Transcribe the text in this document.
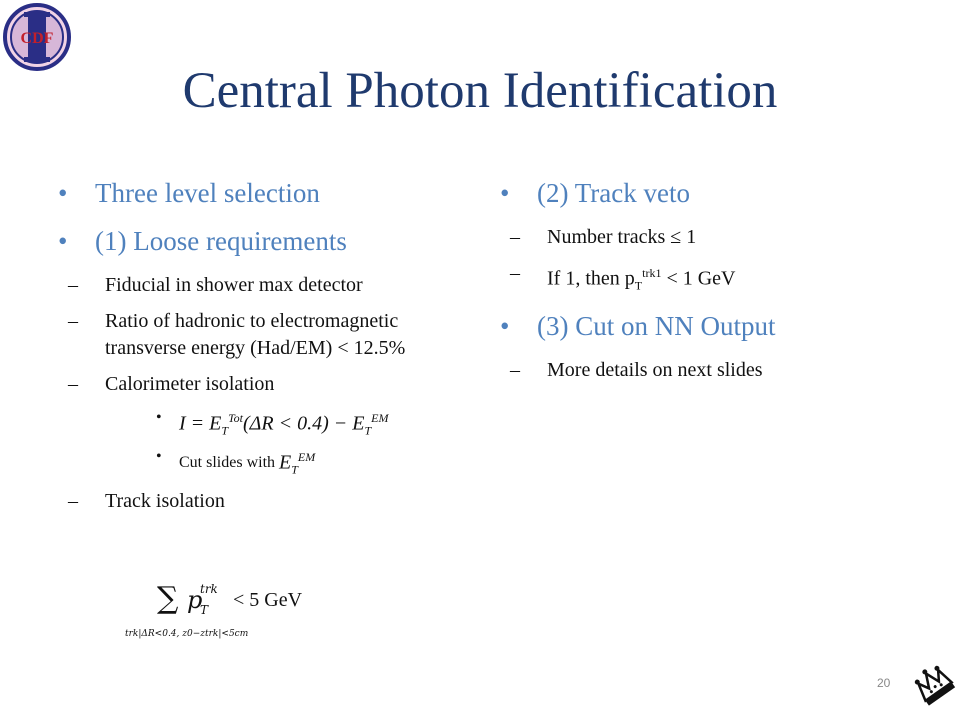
CDF
Central Photon Identification
• Three level selection
• (1) Loose requirements
– Fiducial in shower max detector
– Ratio of hadronic to electromagnetic transverse energy (Had/EM) < 12.5%
– Calorimeter isolation
• $I = E_T^{Tot}(\Delta R < 0.4) - E_T^{EM}$
• Cut slides with $E_T^{EM}$
– Track isolation
∑ p
trk
T < 5 GeV
trk|ΔR<0.4, z0−ztrk|<5cm
• (2) Track veto
– Number tracks ≤ 1
– If 1, then $p_T^{trk1} < 1$ GeV
• (3) Cut on NN Output
– More details on next slides
20
